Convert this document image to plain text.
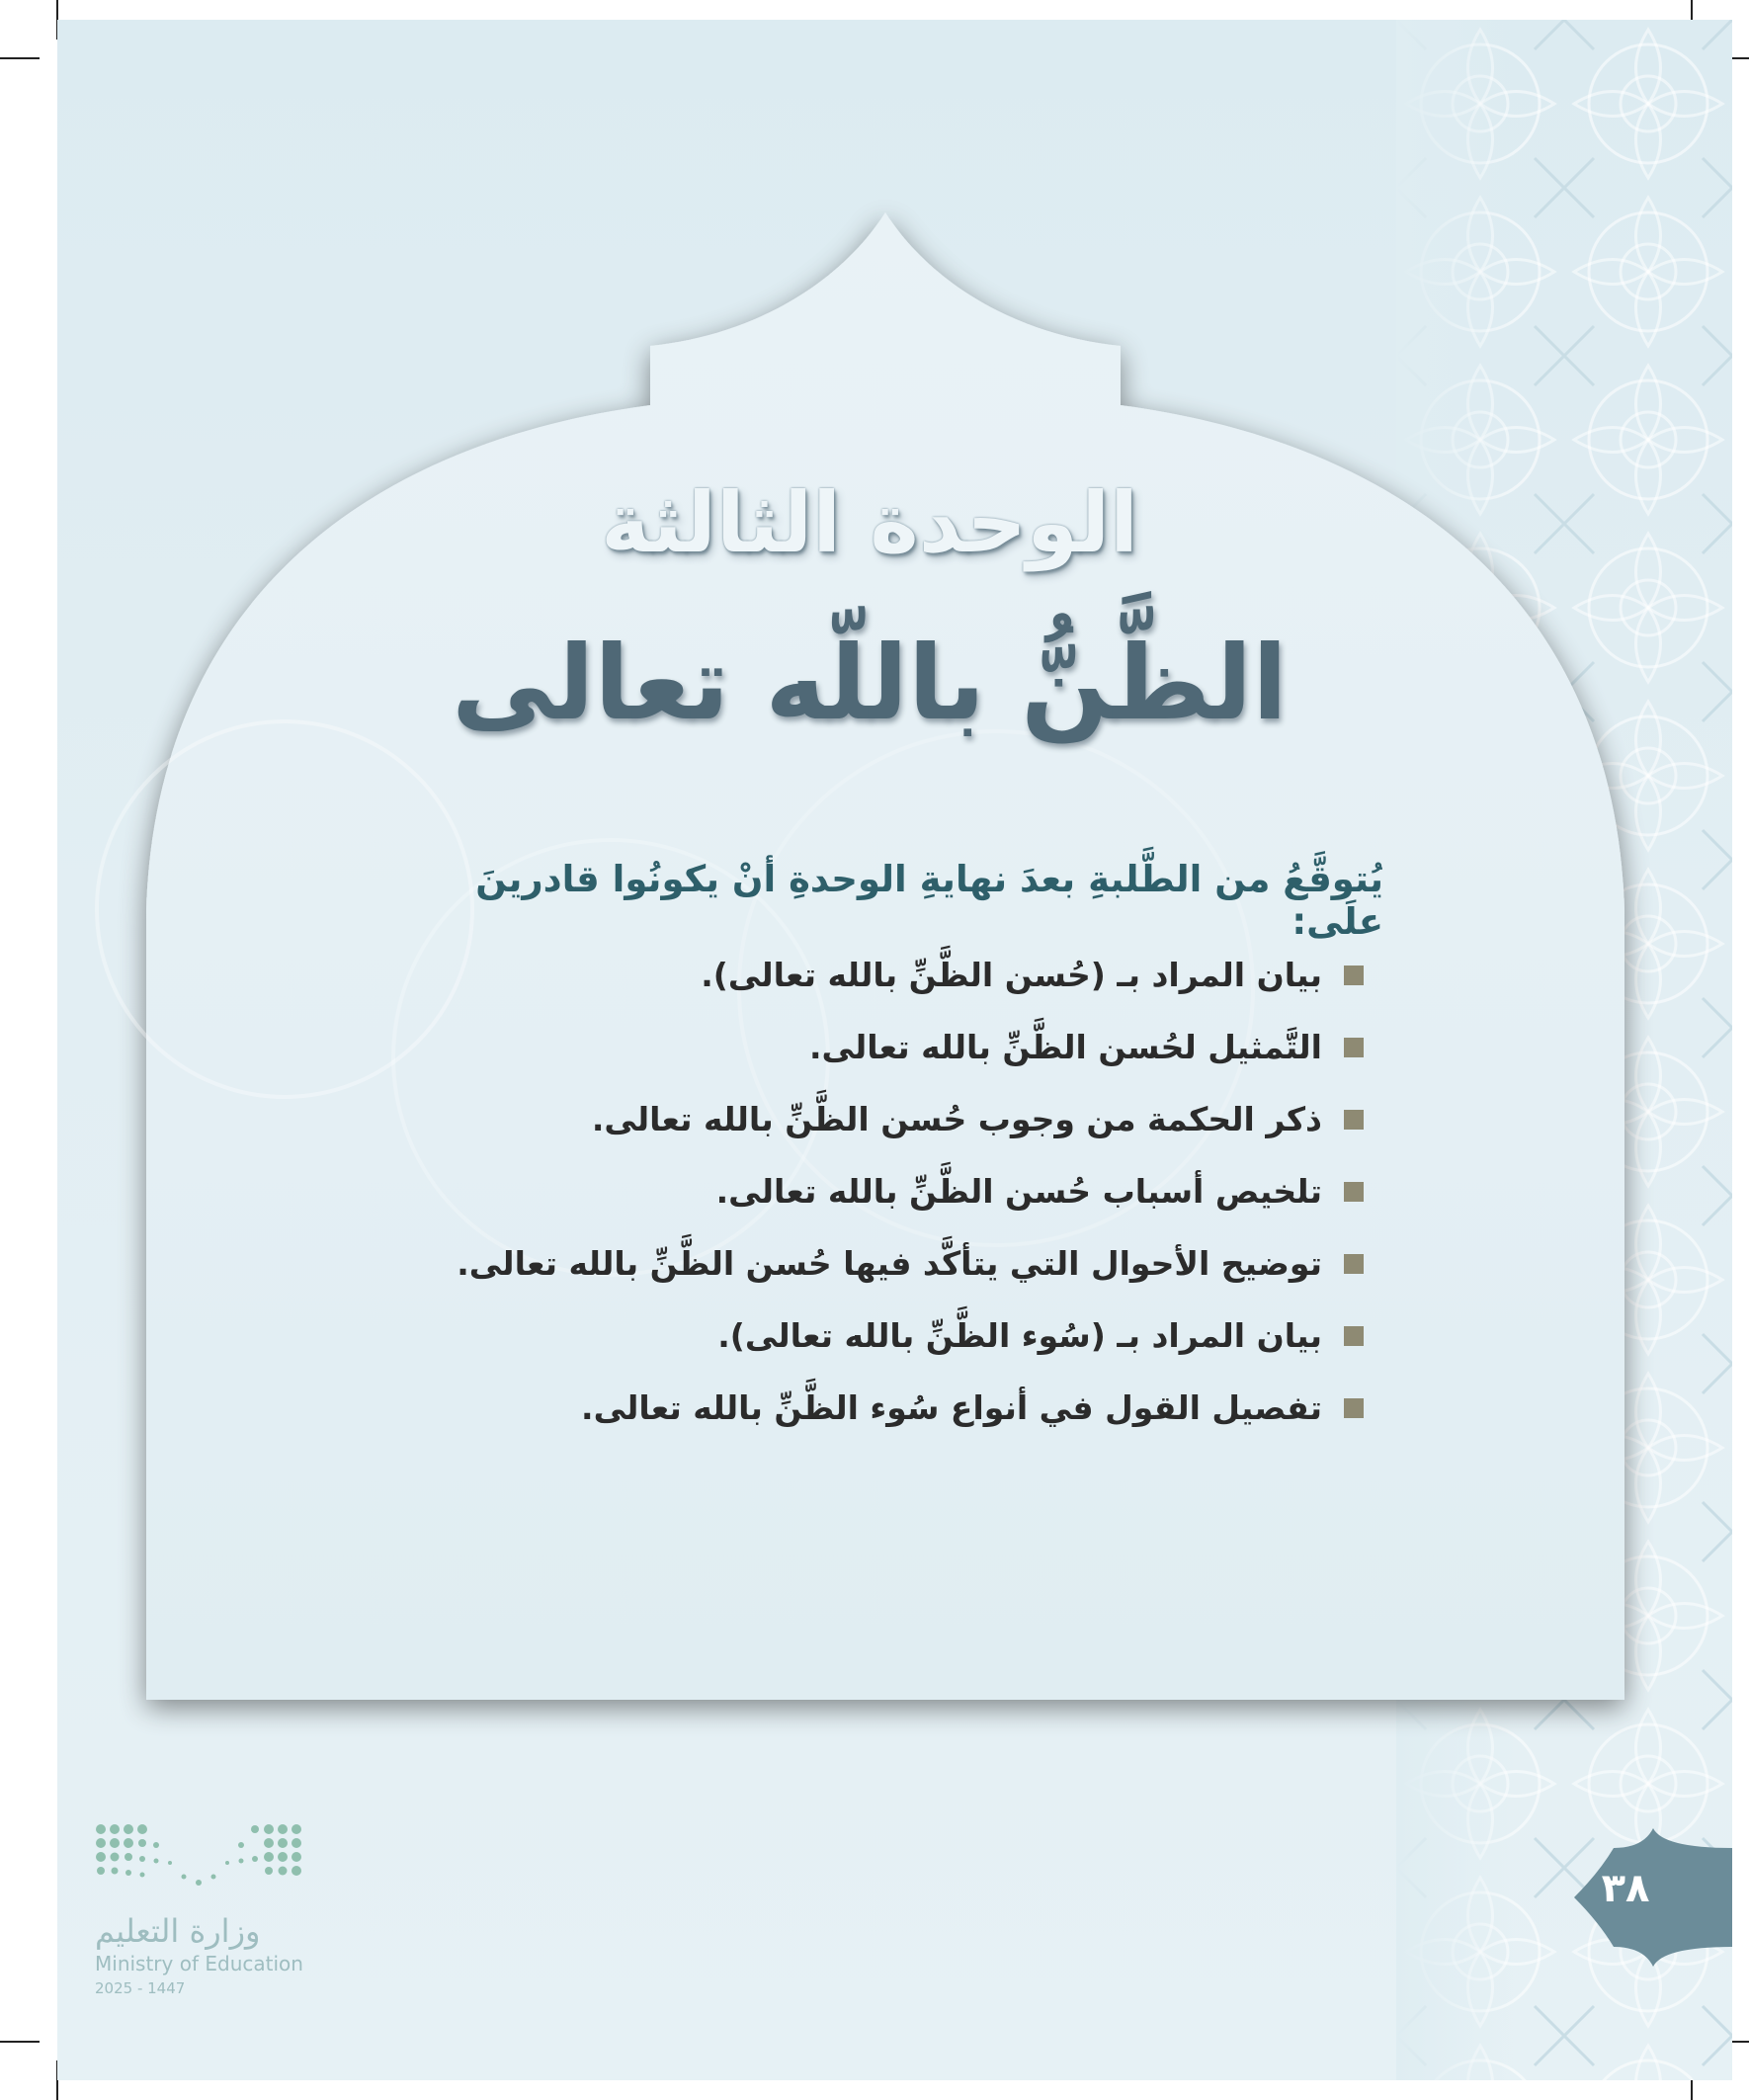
الوحدة الثالثة
الظَّنُّ باللّه تعالى

يُتوقَّعُ من الطَّلبةِ بعدَ نهايةِ الوحدةِ أنْ يكونُوا قادرينَ علَى:

بيان المراد بـ (حُسن الظَّنِّ بالله تعالى).
التَّمثيل لحُسن الظَّنِّ بالله تعالى.
ذكر الحكمة من وجوب حُسن الظَّنِّ بالله تعالى.
تلخيص أسباب حُسن الظَّنِّ بالله تعالى.
توضيح الأحوال التي يتأكَّد فيها حُسن الظَّنِّ بالله تعالى.
بيان المراد بـ (سُوء الظَّنِّ بالله تعالى).
تفصيل القول في أنواع سُوء الظَّنِّ بالله تعالى.
٣٨
وزارة التعليم
Ministry of Education
2025 - 1447
